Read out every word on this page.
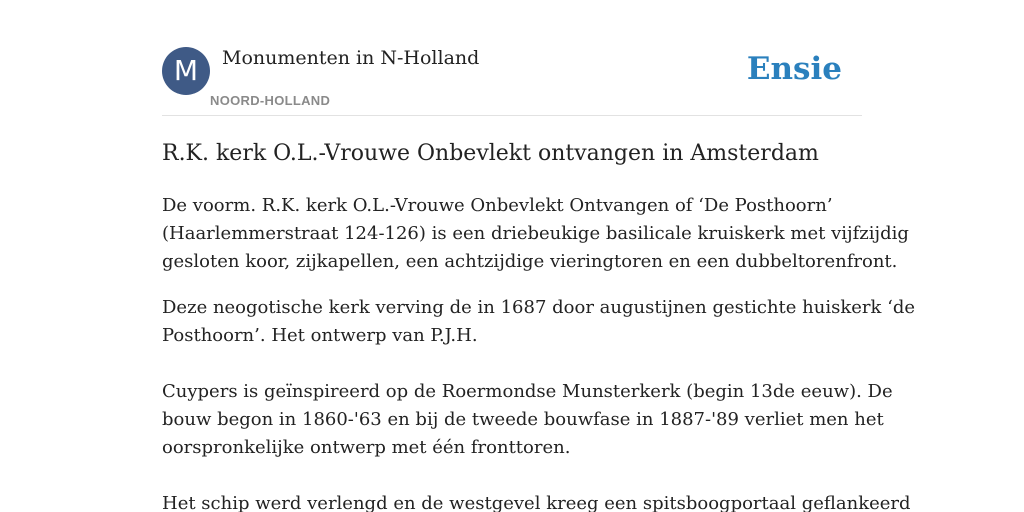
M	Monumenten in N-Holland
NOORD-HOLLAND
Ensie
R.K. kerk O.L.-Vrouwe Onbevlekt ontvangen in Amsterdam

De voorm. R.K. kerk O.L.-Vrouwe Onbevlekt Ontvangen of ‘De Posthoorn’
(Haarlemmerstraat 124-126) is een driebeukige basilicale kruiskerk met vijfzijdig
gesloten koor, zijkapellen, een achtzijdige vieringtoren en een dubbeltorenfront.

Deze neogotische kerk verving de in 1687 door augustijnen gestichte huiskerk ‘de
Posthoorn’. Het ontwerp van P.J.H.

Cuypers is geïnspireerd op de Roermondse Munsterkerk (begin 13de eeuw). De
bouw begon in 1860-'63 en bij de tweede bouwfase in 1887-'89 verliet men het
oorspronkelijke ontwerp met één fronttoren.

Het schip werd verlengd en de westgevel kreeg een spitsboogportaal geflankeerd
